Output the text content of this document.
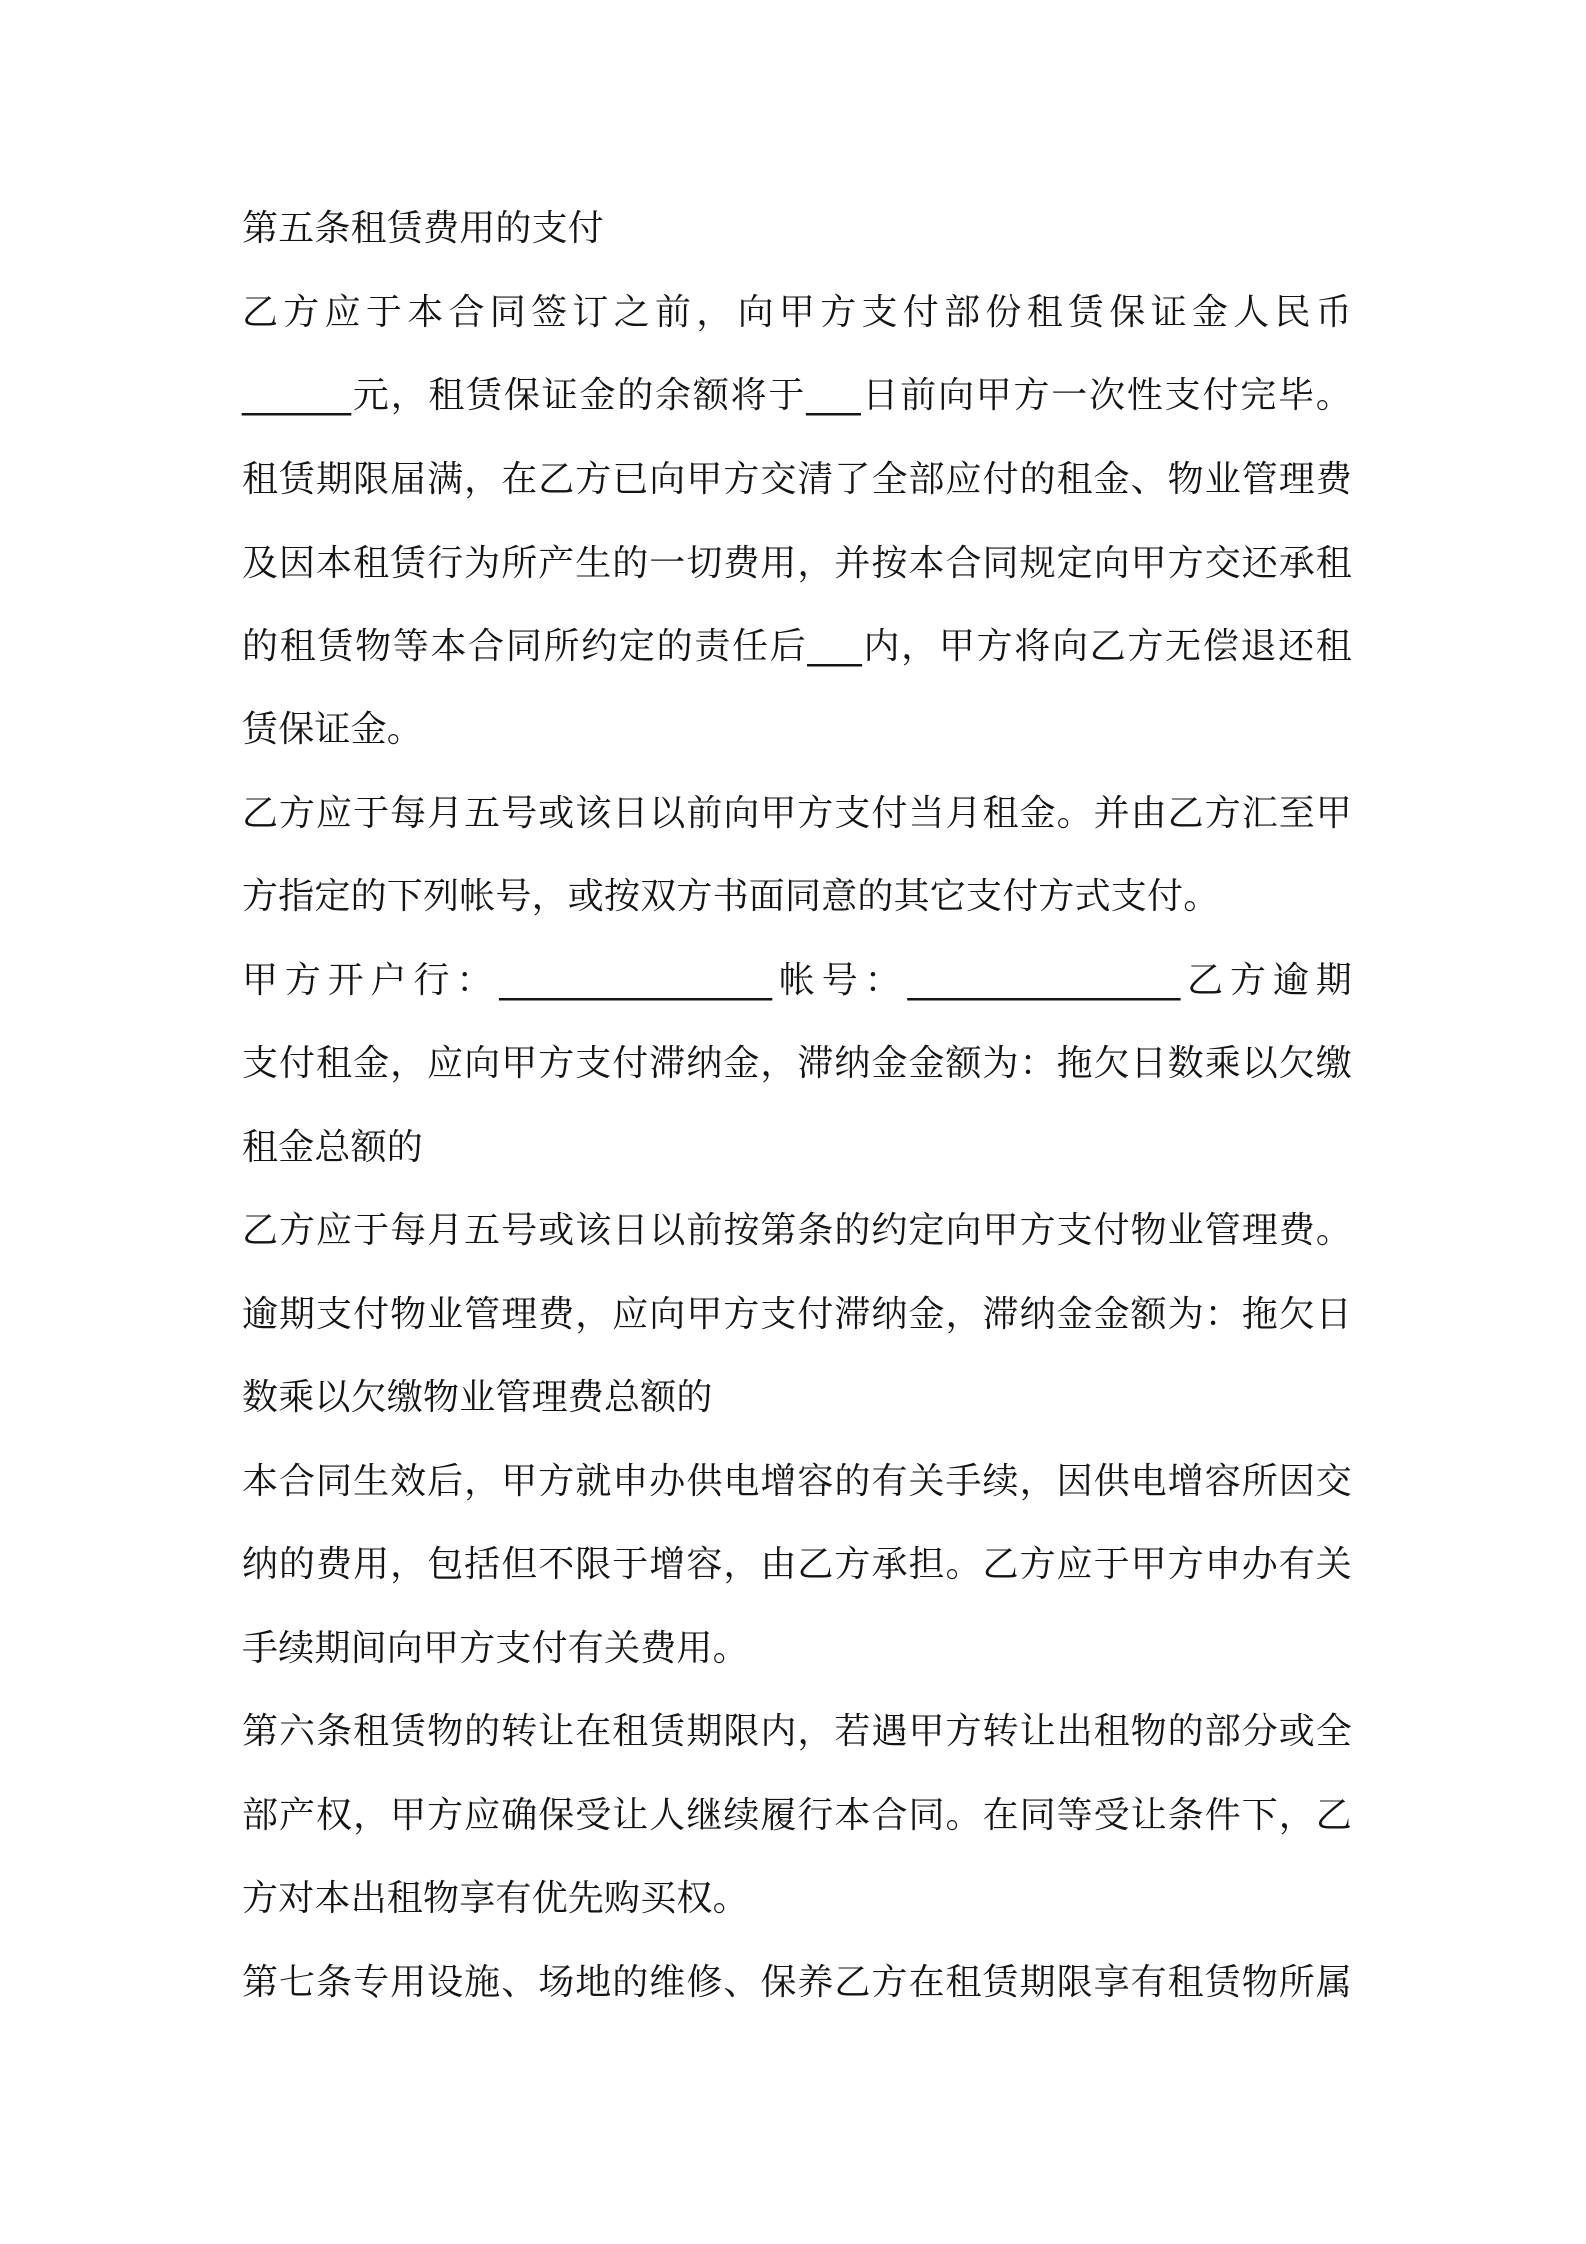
第五条租赁费用的支付
乙方应于本合同签订之前，向甲方支付部份租赁保证金人民币
______元，租赁保证金的余额将于___日前向甲方一次性支付完毕。
租赁期限届满，在乙方已向甲方交清了全部应付的租金、物业管理费
及因本租赁行为所产生的一切费用，并按本合同规定向甲方交还承租
的租赁物等本合同所约定的责任后___内，甲方将向乙方无偿退还租
赁保证金。
乙方应于每月五号或该日以前向甲方支付当月租金。并由乙方汇至甲
方指定的下列帐号，或按双方书面同意的其它支付方式支付。
甲方开户行：_______________帐号：_______________乙方逾期
支付租金，应向甲方支付滞纳金，滞纳金金额为：拖欠日数乘以欠缴
租金总额的
乙方应于每月五号或该日以前按第条的约定向甲方支付物业管理费。
逾期支付物业管理费，应向甲方支付滞纳金，滞纳金金额为：拖欠日
数乘以欠缴物业管理费总额的
本合同生效后，甲方就申办供电增容的有关手续，因供电增容所因交
纳的费用，包括但不限于增容，由乙方承担。乙方应于甲方申办有关
手续期间向甲方支付有关费用。
第六条租赁物的转让在租赁期限内，若遇甲方转让出租物的部分或全
部产权，甲方应确保受让人继续履行本合同。在同等受让条件下，乙
方对本出租物享有优先购买权。
第七条专用设施、场地的维修、保养乙方在租赁期限享有租赁物所属
